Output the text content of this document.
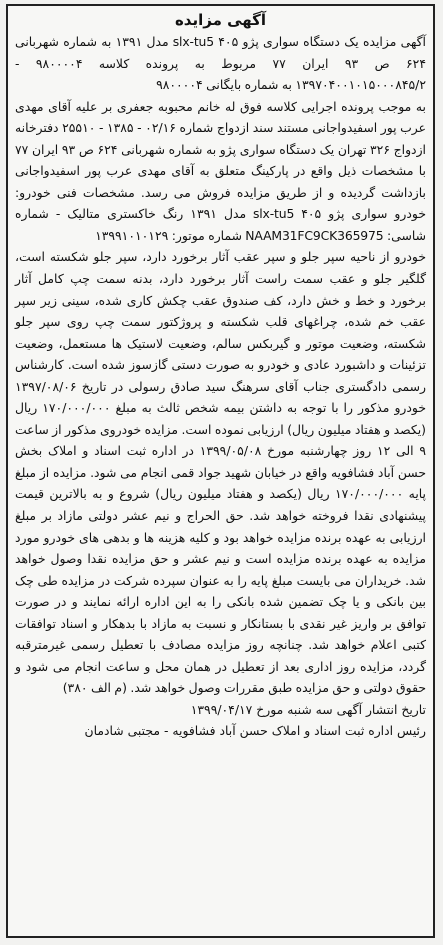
آگهی مزایده

آگهی مزایده یک دستگاه سواری پژو ۴۰۵ slx-tu5 مدل ۱۳۹۱ به شماره شهربانی ۶۲۴ ص ۹۳ ایران ۷۷ مربوط به پرونده کلاسه ۹۸۰۰۰۰۴ - ۱۳۹۷۰۴۰۰۱۰۱۵۰۰۰۸۴۵/۲ به شماره بایگانی ۹۸۰۰۰۰۴

به موجب پرونده اجرایی کلاسه فوق له خانم محبوبه جعفری بر علیه آقای مهدی عرب پور اسفیدواجانی مستند سند ازدواج شماره ۰۲/۱۶ - ۱۳۸۵ - ۲۵۵۱۰ دفترخانه ازدواج ۳۲۶ تهران یک دستگاه سواری پژو به شماره شهربانی ۶۲۴ ص ۹۳ ایران ۷۷ با مشخصات ذیل واقع در پارکینگ متعلق به آقای مهدی عرب پور اسفیدواجانی بازداشت گردیده و از طریق مزایده فروش می رسد. مشخصات فنی خودرو: خودرو سواری پژو ۴۰۵ slx-tu5 مدل ۱۳۹۱ رنگ خاکستری متالیک - شماره شاسی: NAAM31FC9CK365975 شماره موتور: ۱۳۹۹۱۰۱۰۱۲۹

خودرو از ناحیه سپر جلو و سپر عقب آثار برخورد دارد، سپر جلو شکسته است، گلگیر جلو و عقب سمت راست آثار برخورد دارد، بدنه سمت چپ کامل آثار برخورد و خط و خش دارد، کف صندوق عقب چکش کاری شده، سینی زیر سپر عقب خم شده، چراغهای قلب شکسته و پروژکتور سمت چپ روی سپر جلو شکسته، وضعیت موتور و گیربکس سالم، وضعیت لاستیک ها مستعمل، وضعیت تزئینات و داشبورد عادی و خودرو به صورت دستی گازسوز شده است. کارشناس رسمی دادگستری جناب آقای سرهنگ سید صادق رسولی در تاریخ ۱۳۹۷/۰۸/۰۶ خودرو مذکور را با توجه به داشتن بیمه شخص ثالث به مبلغ ۱۷۰/۰۰۰/۰۰۰ ریال (یکصد و هفتاد میلیون ریال) ارزیابی نموده است. مزایده خودروی مذکور از ساعت ۹ الی ۱۲ روز چهارشنبه مورخ ۱۳۹۹/۰۵/۰۸ در اداره ثبت اسناد و املاک بخش حسن آباد فشافویه واقع در خیابان شهید جواد قمی انجام می شود. مزایده از مبلغ پایه ۱۷۰/۰۰۰/۰۰۰ ریال (یکصد و هفتاد میلیون ریال) شروع و به بالاترین قیمت پیشنهادی نقدا فروخته خواهد شد. حق الحراج و نیم عشر دولتی مازاد بر مبلغ ارزیابی به عهده برنده مزایده خواهد بود و کلیه هزینه ها و بدهی های خودرو مورد مزایده به عهده برنده مزایده است و نیم عشر و حق مزایده نقدا وصول خواهد شد. خریداران می بایست مبلغ پایه را به عنوان سپرده شرکت در مزایده طی چک بین بانکی و یا چک تضمین شده بانکی را به این اداره ارائه نمایند و در صورت توافق بر واریز غیر نقدی با بستانکار و نسبت به مازاد با بدهکار و اسناد توافقات کتبی اعلام خواهد شد. چنانچه روز مزایده مصادف با تعطیل رسمی غیرمترقبه گردد، مزایده روز اداری بعد از تعطیل در همان محل و ساعت انجام می شود و حقوق دولتی و حق مزایده طبق مقررات وصول خواهد شد. (م الف ۳۸۰)

تاریخ انتشار آگهی سه شنبه مورخ ۱۳۹۹/۰۴/۱۷

رئیس اداره ثبت اسناد و املاک حسن آباد فشافویه - مجتبی شادمان
